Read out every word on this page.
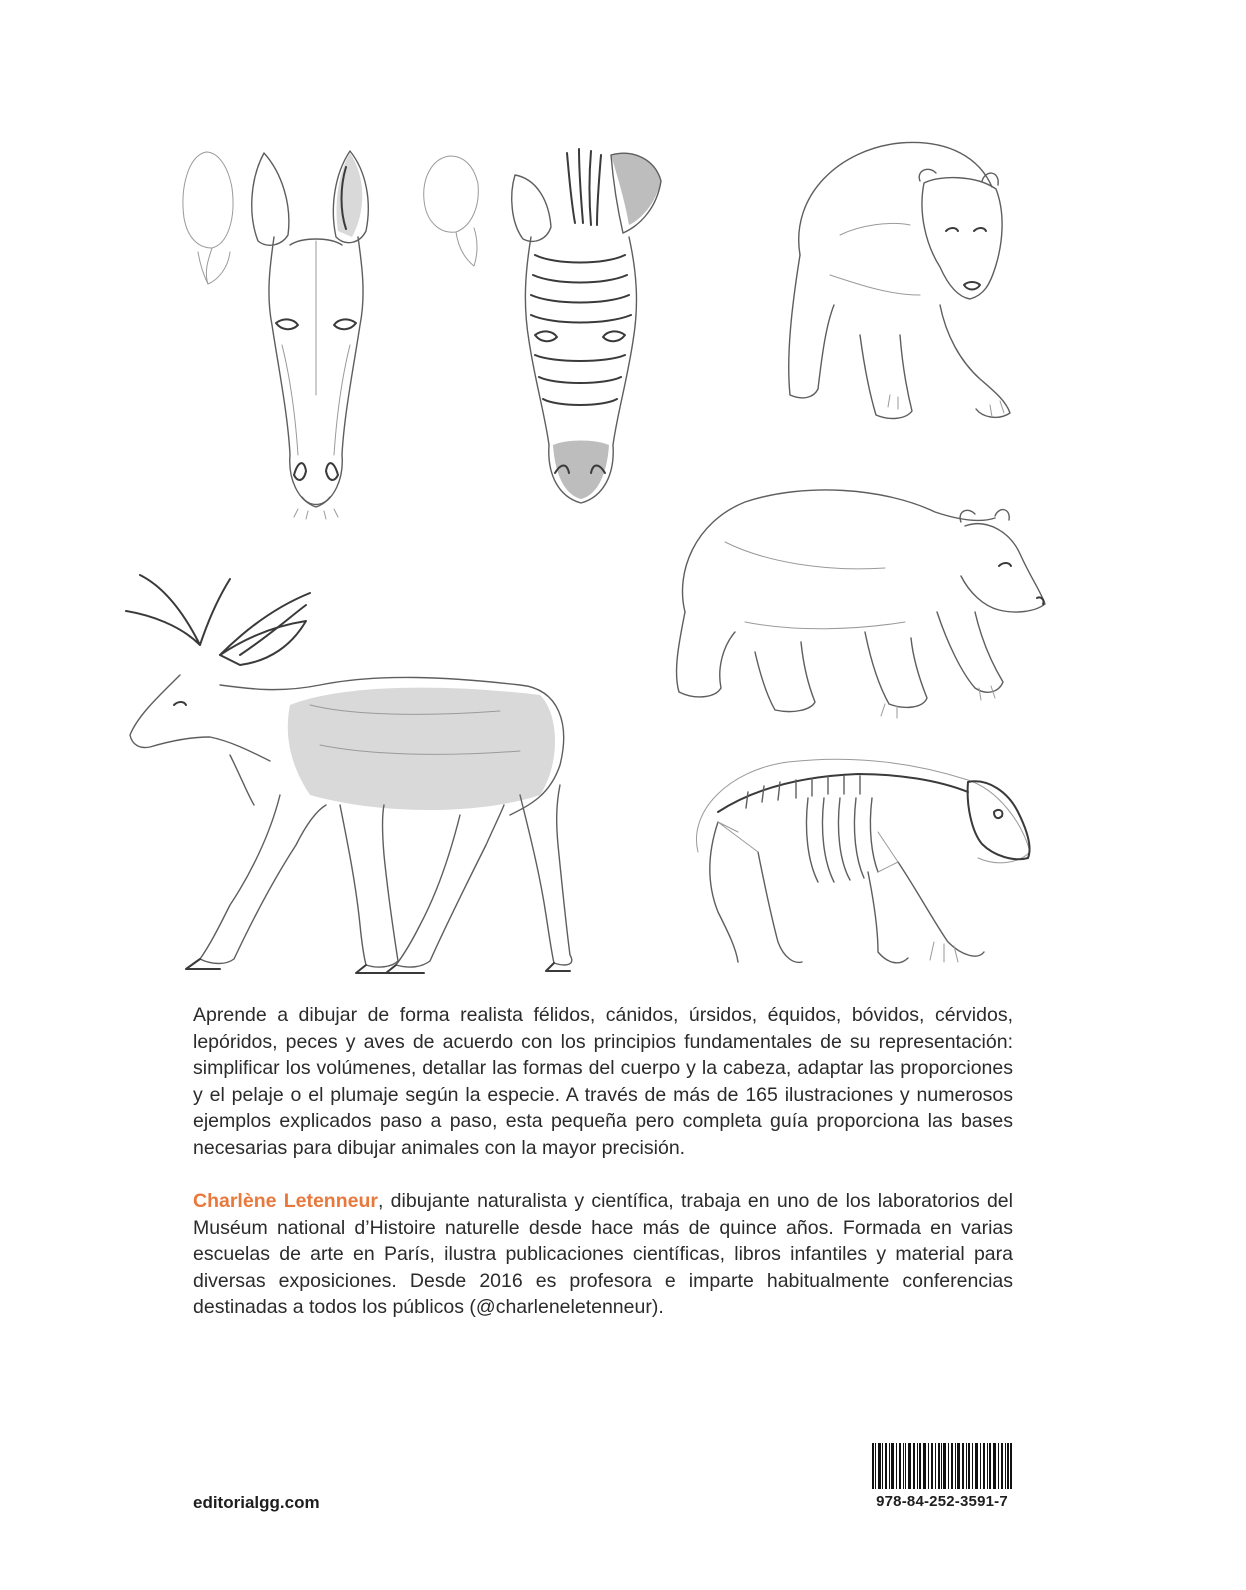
Aprende a dibujar de forma realista félidos, cánidos, úrsidos, équidos, bóvidos, cérvidos, lepóridos, peces y aves de acuerdo con los principios fundamentales de su representación: simplificar los volúmenes, detallar las formas del cuerpo y la cabeza, adaptar las proporciones y el pelaje o el plumaje según la especie. A través de más de 165 ilustraciones y numerosos ejemplos explicados paso a paso, esta pequeña pero completa guía proporciona las bases necesarias para dibujar animales con la mayor precisión.

Charlène Letenneur, dibujante naturalista y científica, trabaja en uno de los laboratorios del Muséum national d’Histoire naturelle desde hace más de quince años. Formada en varias escuelas de arte en París, ilustra publicaciones científicas, libros infantiles y material para diversas exposiciones. Desde 2016 es profesora e imparte habitualmente conferencias destinadas a todos los públicos (@charleneletenneur).

editorialgg.com	978-84-252-3591-7
